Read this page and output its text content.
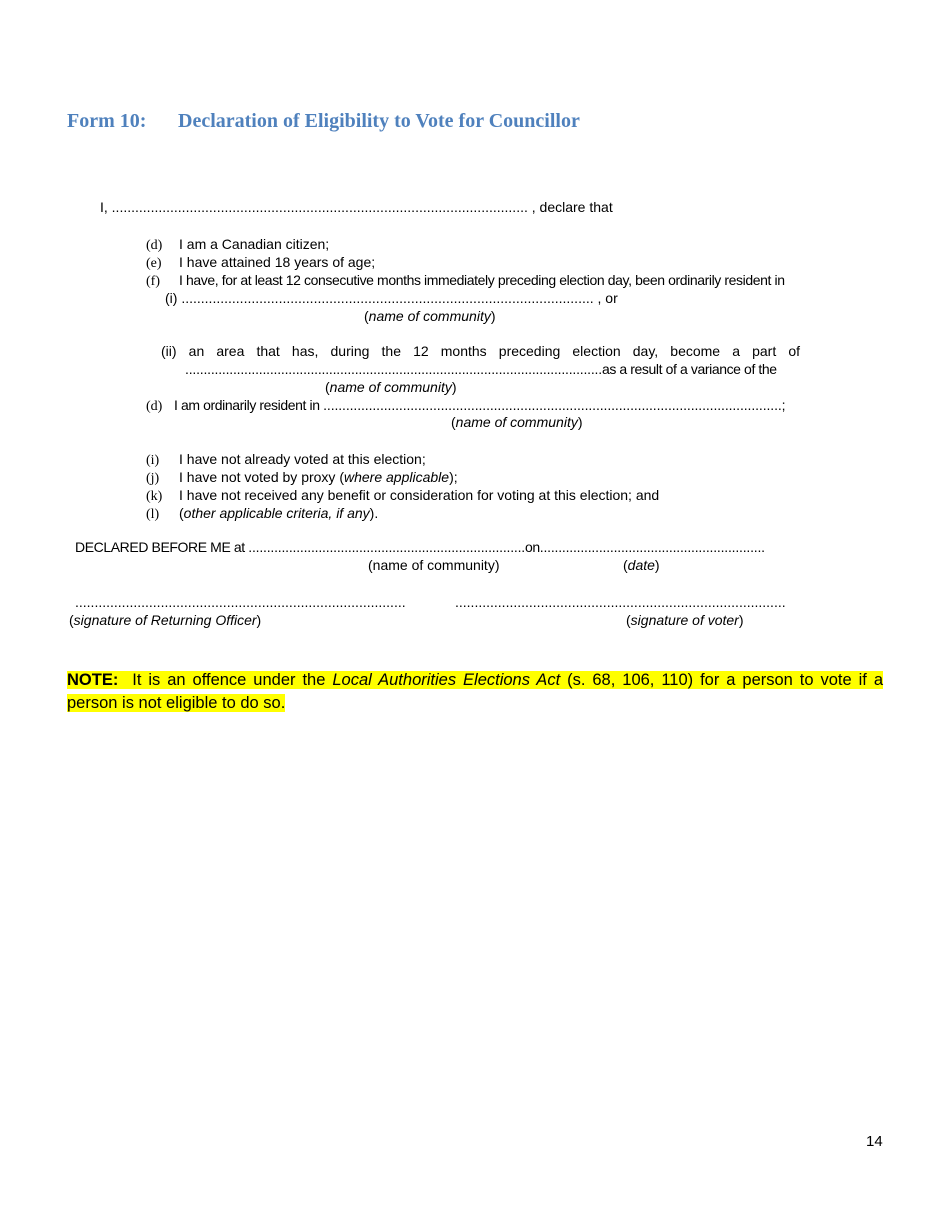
Form 10: Declaration of Eligibility to Vote for Councillor
I, ........................................................................................................... , declare that
(d) I am a Canadian citizen;
(e) I have attained 18 years of age;
(f) I have, for at least 12 consecutive months immediately preceding election day, been ordinarily resident in
(i) .......................................................................................................... , or
(name of community)
(ii) an area that has, during the 12 months preceding election day, become a part of
.................................................................................................................as a result of a variance of the
(name of community)
(d) I am ordinarily resident in .........................................................................................................................;
(name of community)
(i) I have not already voted at this election;
(j) I have not voted by proxy (where applicable);
(k) I have not received any benefit or consideration for voting at this election; and
(l) (other applicable criteria, if any).
DECLARED BEFORE ME at ...........................................................................on.............................................................
(name of community)	(date)
.....................................................................................	.....................................................................................
(signature of Returning Officer)	(signature of voter)
NOTE: It is an offence under the Local Authorities Elections Act (s. 68, 106, 110) for a person to vote if a person is not eligible to do so.
14
